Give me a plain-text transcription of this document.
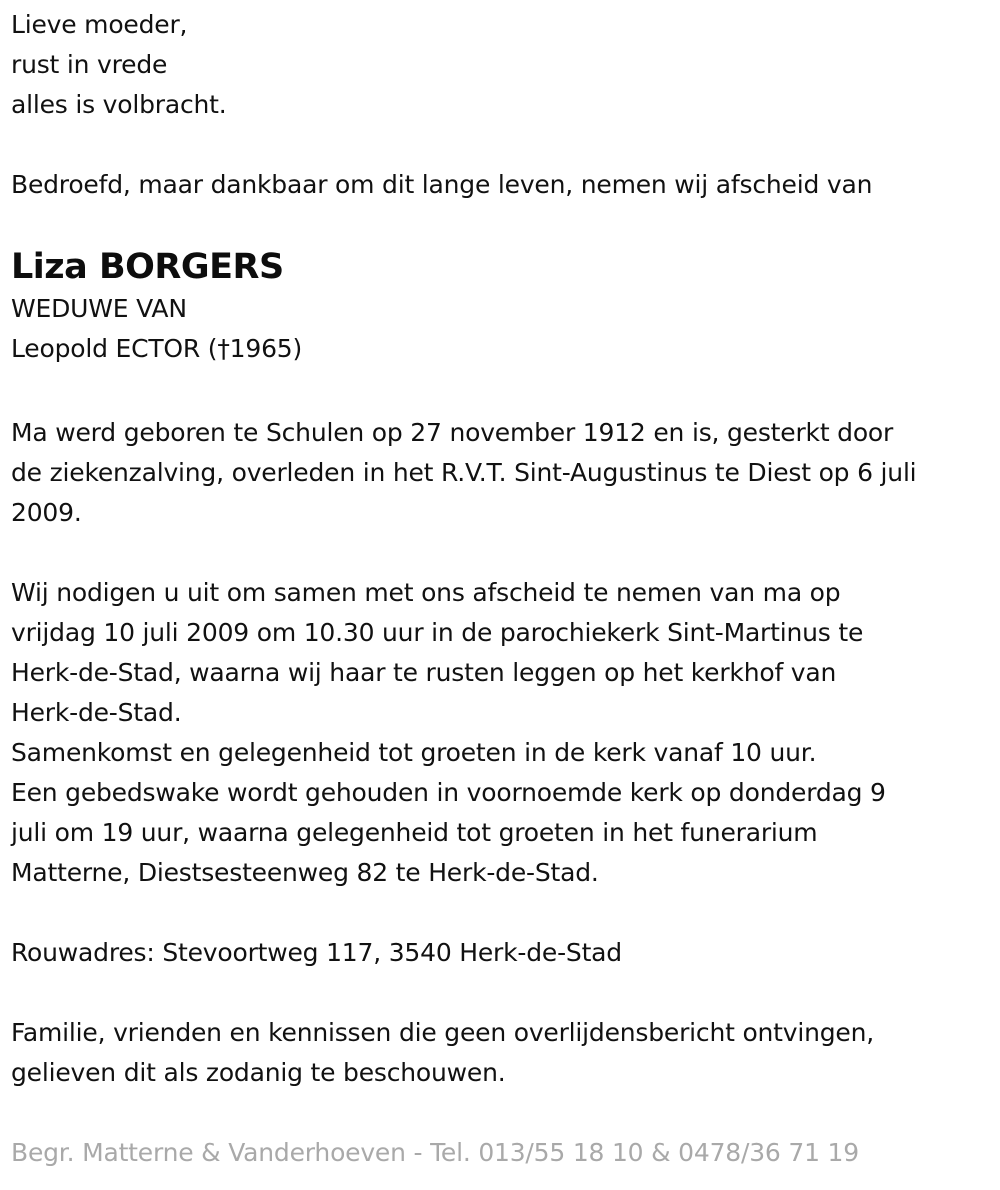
Lieve moeder,
rust in vrede
alles is volbracht.
Bedroefd, maar dankbaar om dit lange leven, nemen wij afscheid van
Liza BORGERS
WEDUWE VAN
Leopold ECTOR (†1965)
Ma werd geboren te Schulen op 27 november 1912 en is, gesterkt door
de ziekenzalving, overleden in het R.V.T. Sint-Augustinus te Diest op 6 juli
2009.
Wij nodigen u uit om samen met ons afscheid te nemen van ma op
vrijdag 10 juli 2009 om 10.30 uur in de parochiekerk Sint-Martinus te
Herk-de-Stad, waarna wij haar te rusten leggen op het kerkhof van
Herk-de-Stad.
Samenkomst en gelegenheid tot groeten in de kerk vanaf 10 uur.
Een gebedswake wordt gehouden in voornoemde kerk op donderdag 9
juli om 19 uur, waarna gelegenheid tot groeten in het funerarium
Matterne, Diestsesteenweg 82 te Herk-de-Stad.
Rouwadres: Stevoortweg 117, 3540 Herk-de-Stad
Familie, vrienden en kennissen die geen overlijdensbericht ontvingen,
gelieven dit als zodanig te beschouwen.
Begr. Matterne & Vanderhoeven - Tel. 013/55 18 10 & 0478/36 71 19
